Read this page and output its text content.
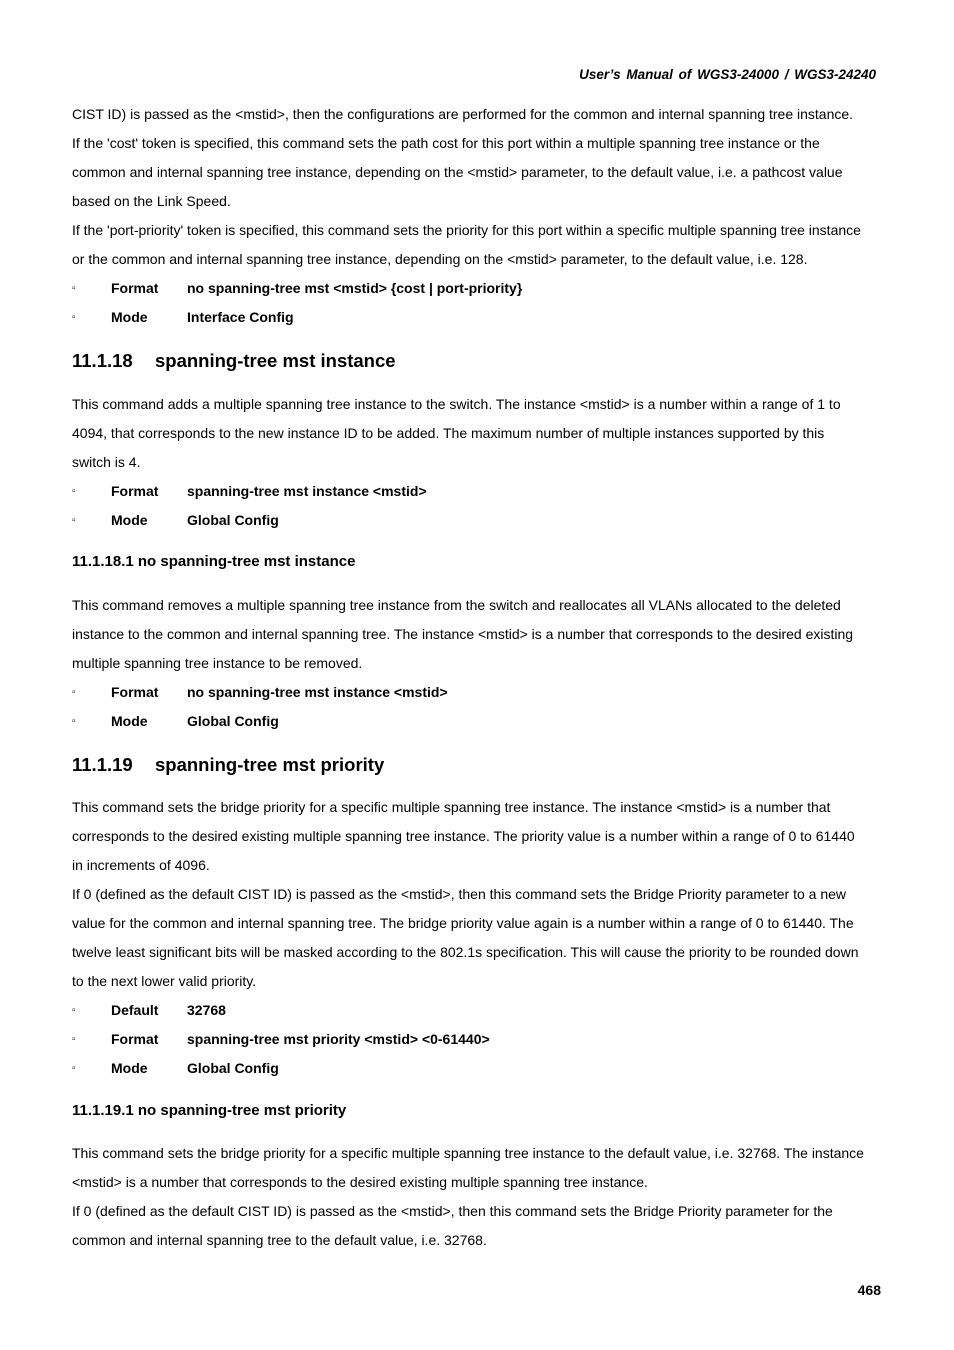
User’s Manual of WGS3-24000 / WGS3-24240

CIST ID) is passed as the <mstid>, then the configurations are performed for the common and internal spanning tree instance.

If the 'cost' token is specified, this command sets the path cost for this port within a multiple spanning tree instance or the

common and internal spanning tree instance, depending on the <mstid> parameter, to the default value, i.e. a pathcost value

based on the Link Speed.

If the 'port-priority' token is specified, this command sets the priority for this port within a specific multiple spanning tree instance

or the common and internal spanning tree instance, depending on the <mstid> parameter, to the default value, i.e. 128.

▫	Format no spanning-tree mst <mstid> {cost | port-priority}
▫	Mode	Interface Config
11.1.18 spanning-tree mst instance

This command adds a multiple spanning tree instance to the switch. The instance <mstid> is a number within a range of 1 to

4094, that corresponds to the new instance ID to be added. The maximum number of multiple instances supported by this

switch is 4.

▫	Format spanning-tree mst instance <mstid>
▫	Mode	Global Config
11.1.18.1 no spanning-tree mst instance

This command removes a multiple spanning tree instance from the switch and reallocates all VLANs allocated to the deleted

instance to the common and internal spanning tree. The instance <mstid> is a number that corresponds to the desired existing

multiple spanning tree instance to be removed.

▫	Format no spanning-tree mst instance <mstid>
▫	Mode	Global Config
11.1.19 spanning-tree mst priority

This command sets the bridge priority for a specific multiple spanning tree instance. The instance <mstid> is a number that

corresponds to the desired existing multiple spanning tree instance. The priority value is a number within a range of 0 to 61440

in increments of 4096.

If 0 (defined as the default CIST ID) is passed as the <mstid>, then this command sets the Bridge Priority parameter to a new

value for the common and internal spanning tree. The bridge priority value again is a number within a range of 0 to 61440. The

twelve least significant bits will be masked according to the 802.1s specification. This will cause the priority to be rounded down

to the next lower valid priority.

▫	Default 32768
▫	Format spanning-tree mst priority <mstid> <0-61440>
▫	Mode	Global Config
11.1.19.1 no spanning-tree mst priority

This command sets the bridge priority for a specific multiple spanning tree instance to the default value, i.e. 32768. The instance

<mstid> is a number that corresponds to the desired existing multiple spanning tree instance.

If 0 (defined as the default CIST ID) is passed as the <mstid>, then this command sets the Bridge Priority parameter for the

common and internal spanning tree to the default value, i.e. 32768.

468
